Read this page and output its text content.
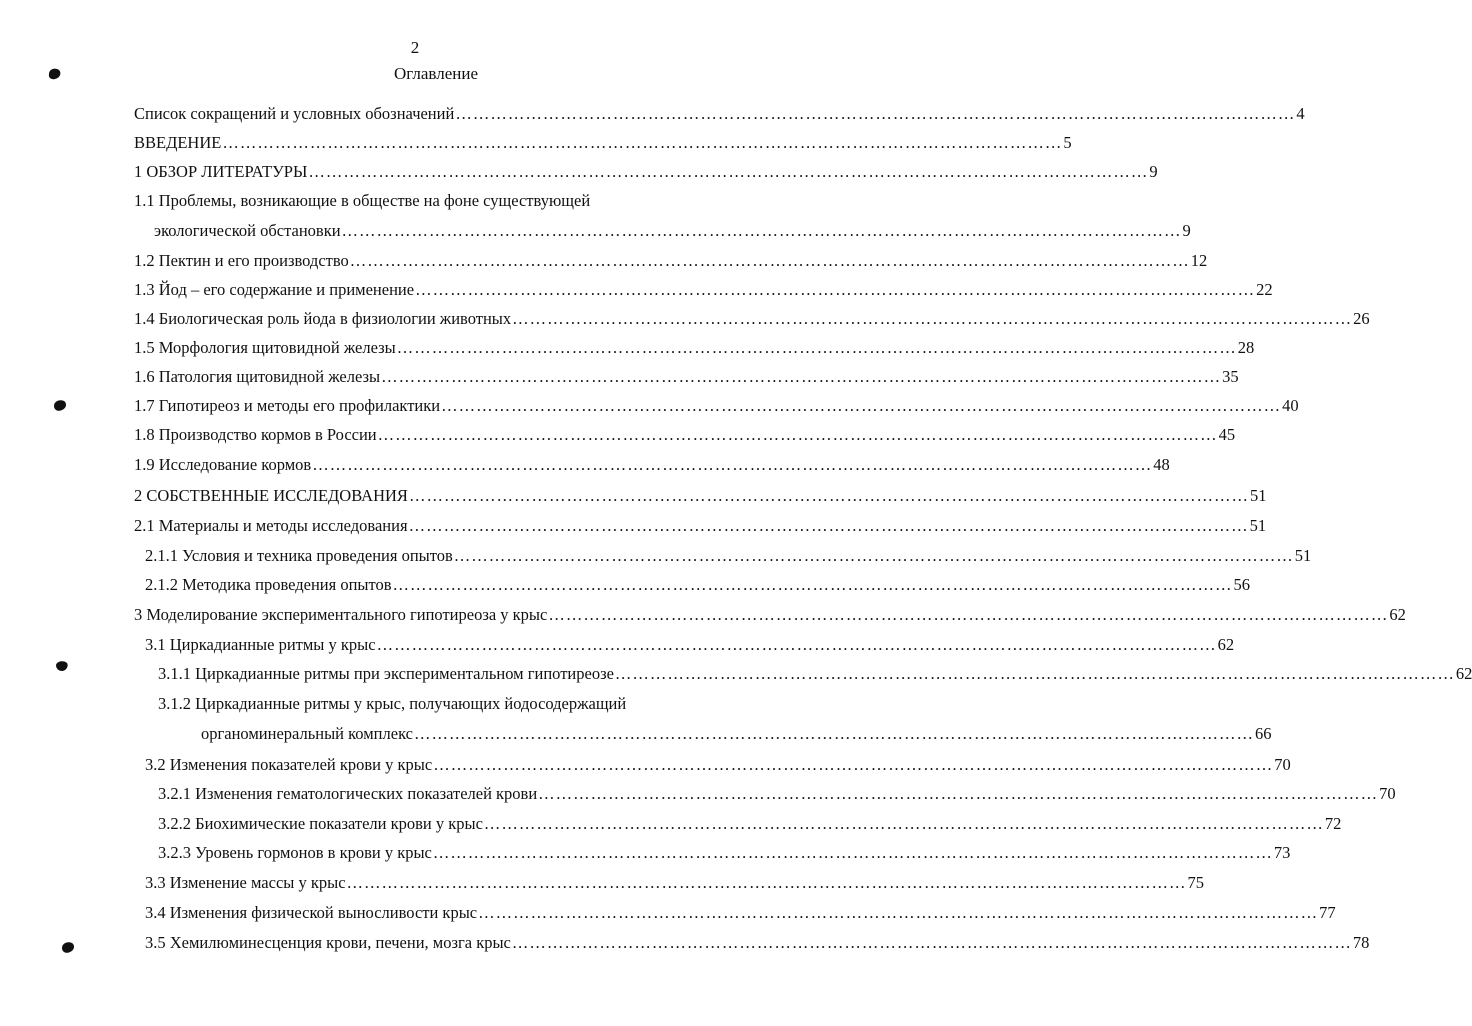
2
Оглавление
Список сокращений и условных обозначений ……………………………………………………………………………………………………………………………… 4
ВВЕДЕНИЕ ……………………………………………………………………………………………………………………………… 5
1 ОБЗОР ЛИТЕРАТУРЫ ……………………………………………………………………………………………………………………………… 9
1.1 Проблемы, возникающие в обществе на фоне существующей
экологической обстановки ……………………………………………………………………………………………………………………………… 9
1.2 Пектин и его производство ……………………………………………………………………………………………………………………………… 12
1.3 Йод – его содержание и применение ……………………………………………………………………………………………………………………………… 22
1.4 Биологическая роль йода в физиологии животных ……………………………………………………………………………………………………………………………… 26
1.5 Морфология щитовидной железы ……………………………………………………………………………………………………………………………… 28
1.6 Патология щитовидной железы ……………………………………………………………………………………………………………………………… 35
1.7 Гипотиреоз и методы его профилактики ……………………………………………………………………………………………………………………………… 40
1.8 Производство кормов в России ……………………………………………………………………………………………………………………………… 45
1.9 Исследование кормов ……………………………………………………………………………………………………………………………… 48
2 СОБСТВЕННЫЕ ИССЛЕДОВАНИЯ ……………………………………………………………………………………………………………………………… 51
2.1 Материалы и методы исследования ……………………………………………………………………………………………………………………………… 51
2.1.1 Условия и техника проведения опытов ……………………………………………………………………………………………………………………………… 51
2.1.2 Методика проведения опытов ……………………………………………………………………………………………………………………………… 56
3 Моделирование экспериментального гипотиреоза у крыс ……………………………………………………………………………………………………………………………… 62
3.1 Циркадианные ритмы у крыс ……………………………………………………………………………………………………………………………… 62
3.1.1 Циркадианные ритмы при экспериментальном гипотиреозе ……………………………………………………………………………………………………………………………… 62
3.1.2 Циркадианные ритмы у крыс, получающих йодосодержащий
органоминеральный комплекс ……………………………………………………………………………………………………………………………… 66
3.2 Изменения показателей крови у крыс ……………………………………………………………………………………………………………………………… 70
3.2.1 Изменения гематологических показателей крови ……………………………………………………………………………………………………………………………… 70
3.2.2 Биохимические показатели крови у крыс ……………………………………………………………………………………………………………………………… 72
3.2.3 Уровень гормонов в крови у крыс ……………………………………………………………………………………………………………………………… 73
3.3 Изменение массы у крыс ……………………………………………………………………………………………………………………………… 75
3.4 Изменения физической выносливости крыс ……………………………………………………………………………………………………………………………… 77
3.5 Хемилюминесценция крови, печени, мозга крыс ……………………………………………………………………………………………………………………………… 78
